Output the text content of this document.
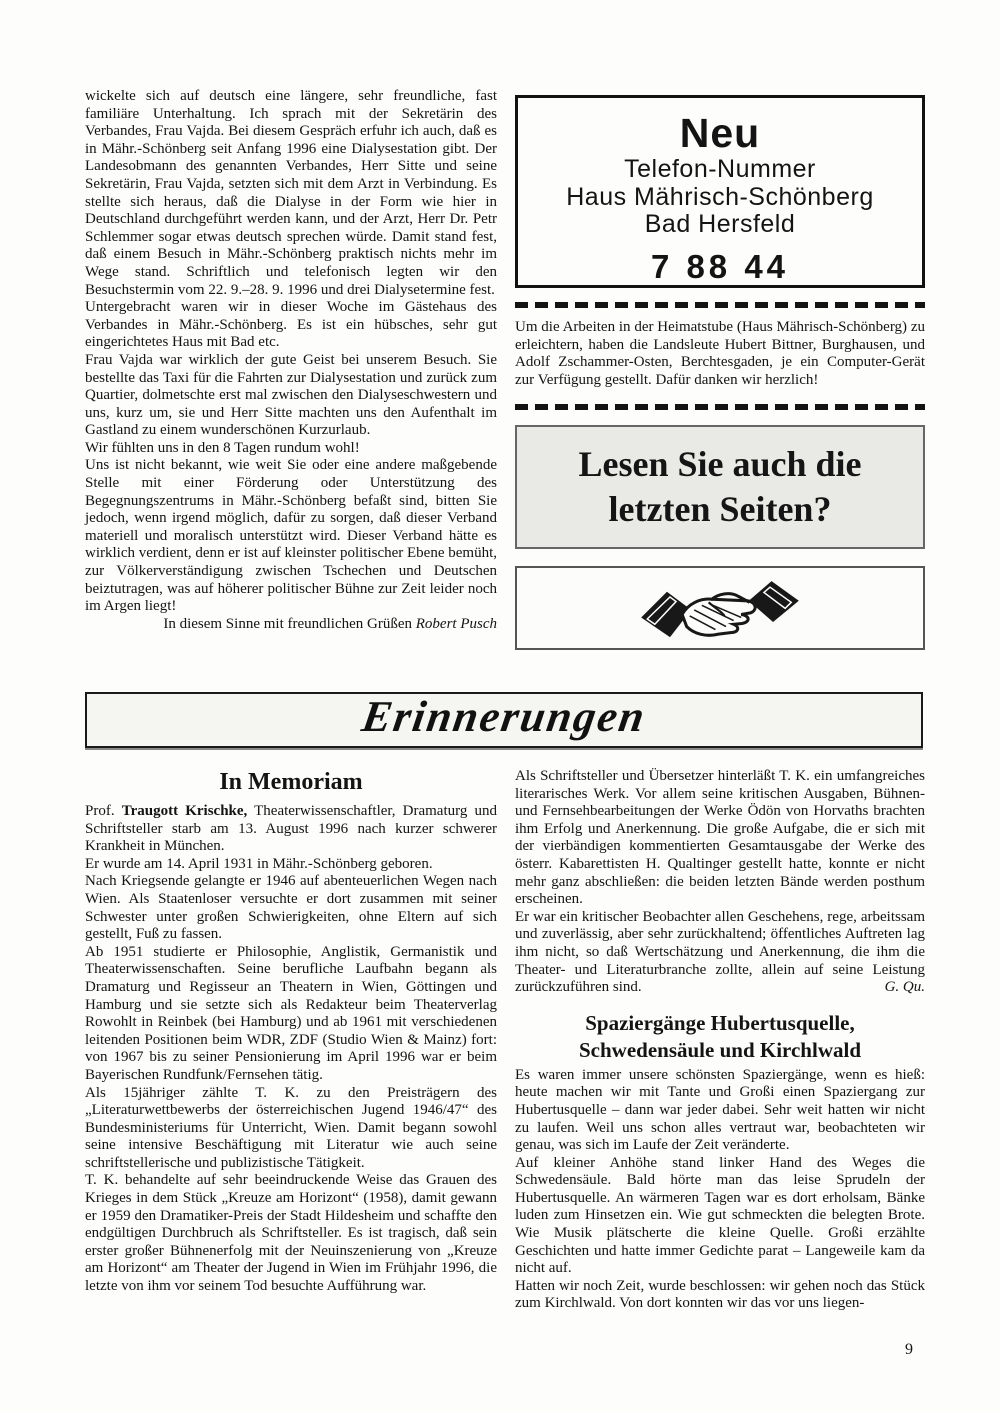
wickelte sich auf deutsch eine längere, sehr freundliche, fast familiäre Unterhaltung. Ich sprach mit der Sekretärin des Verbandes, Frau Vajda. Bei diesem Gespräch erfuhr ich auch, daß es in Mähr.-Schönberg seit Anfang 1996 eine Dialysestation gibt. Der Landesobmann des genannten Verbandes, Herr Sitte und seine Sekretärin, Frau Vajda, setzten sich mit dem Arzt in Verbindung. Es stellte sich heraus, daß die Dialyse in der Form wie hier in Deutschland durchgeführt werden kann, und der Arzt, Herr Dr. Petr Schlemmer sogar etwas deutsch sprechen würde. Damit stand fest, daß einem Besuch in Mähr.-Schönberg praktisch nichts mehr im Wege stand. Schriftlich und telefonisch legten wir den Besuchstermin vom 22. 9.–28. 9. 1996 und drei Dialysetermine fest.

Untergebracht waren wir in dieser Woche im Gästehaus des Verbandes in Mähr.-Schönberg. Es ist ein hübsches, sehr gut eingerichtetes Haus mit Bad etc.

Frau Vajda war wirklich der gute Geist bei unserem Besuch. Sie bestellte das Taxi für die Fahrten zur Dialysestation und zurück zum Quartier, dolmetschte erst mal zwischen den Dialyseschwestern und uns, kurz um, sie und Herr Sitte machten uns den Aufenthalt im Gastland zu einem wunderschönen Kurzurlaub.

Wir fühlten uns in den 8 Tagen rundum wohl!

Uns ist nicht bekannt, wie weit Sie oder eine andere maßgebende Stelle mit einer Förderung oder Unterstützung des Begegnungszentrums in Mähr.-Schönberg befaßt sind, bitten Sie jedoch, wenn irgend möglich, dafür zu sorgen, daß dieser Verband materiell und moralisch unterstützt wird. Dieser Verband hätte es wirklich verdient, denn er ist auf kleinster politischer Ebene bemüht, zur Völkerverständigung zwischen Tschechen und Deutschen beiztutragen, was auf höherer politischer Bühne zur Zeit leider noch im Argen liegt!

In diesem Sinne mit freundlichen Grüßen Robert Pusch

Neu
Telefon-Nummer
Haus Mährisch-Schönberg
Bad Hersfeld
7 88 44

Um die Arbeiten in der Heimatstube (Haus Mährisch-Schönberg) zu erleichtern, haben die Landsleute Hubert Bittner, Burghausen, und Adolf Zschammer-Osten, Berchtesgaden, je ein Computer-Gerät zur Verfügung gestellt. Dafür danken wir herzlich!

Lesen Sie auch die
letzten Seiten?
Erinnerungen
In Memoriam

Prof. Traugott Krischke, Theaterwissenschaftler, Dramaturg und Schriftsteller starb am 13. August 1996 nach kurzer schwerer Krankheit in München.

Er wurde am 14. April 1931 in Mähr.-Schönberg geboren.

Nach Kriegsende gelangte er 1946 auf abenteuerlichen Wegen nach Wien. Als Staatenloser versuchte er dort zusammen mit seiner Schwester unter großen Schwierigkeiten, ohne Eltern auf sich gestellt, Fuß zu fassen.

Ab 1951 studierte er Philosophie, Anglistik, Germanistik und Theaterwissenschaften. Seine berufliche Laufbahn begann als Dramaturg und Regisseur an Theatern in Wien, Göttingen und Hamburg und sie setzte sich als Redakteur beim Theaterverlag Rowohlt in Reinbek (bei Hamburg) und ab 1961 mit verschiedenen leitenden Positionen beim WDR, ZDF (Studio Wien & Mainz) fort: von 1967 bis zu seiner Pensionierung im April 1996 war er beim Bayerischen Rundfunk/Fernsehen tätig.

Als 15jähriger zählte T. K. zu den Preisträgern des „Literaturwettbewerbs der österreichischen Jugend 1946/47“ des Bundesministeriums für Unterricht, Wien. Damit begann sowohl seine intensive Beschäftigung mit Literatur wie auch seine schriftstellerische und publizistische Tätigkeit.

T. K. behandelte auf sehr beeindruckende Weise das Grauen des Krieges in dem Stück „Kreuze am Horizont“ (1958), damit gewann er 1959 den Dramatiker-Preis der Stadt Hildesheim und schaffte den endgültigen Durchbruch als Schriftsteller. Es ist tragisch, daß sein erster großer Bühnenerfolg mit der Neuinszenierung von „Kreuze am Horizont“ am Theater der Jugend in Wien im Frühjahr 1996, die letzte von ihm vor seinem Tod besuchte Aufführung war.

Als Schriftsteller und Übersetzer hinterläßt T. K. ein umfangreiches literarisches Werk. Vor allem seine kritischen Ausgaben, Bühnen- und Fernsehbearbeitungen der Werke Ödön von Horvaths brachten ihm Erfolg und Anerkennung. Die große Aufgabe, die er sich mit der vierbändigen kommentierten Gesamtausgabe der Werke des österr. Kabarettisten H. Qualtinger gestellt hatte, konnte er nicht mehr ganz abschließen: die beiden letzten Bände werden posthum erscheinen.

Er war ein kritischer Beobachter allen Geschehens, rege, arbeitssam und zuverlässig, aber sehr zurückhaltend; öffentliches Auftreten lag ihm nicht, so daß Wertschätzung und Anerkennung, die ihm die Theater- und Literaturbranche zollte, allein auf seine Leistung zurückzuführen sind.	G. Qu.

Spaziergänge Hubertusquelle,
Schwedensäule und Kirchlwald

Es waren immer unsere schönsten Spaziergänge, wenn es hieß: heute machen wir mit Tante und Großi einen Spaziergang zur Hubertusquelle – dann war jeder dabei. Sehr weit hatten wir nicht zu laufen. Weil uns schon alles vertraut war, beobachteten wir genau, was sich im Laufe der Zeit veränderte.

Auf kleiner Anhöhe stand linker Hand des Weges die Schwedensäule. Bald hörte man das leise Sprudeln der Hubertusquelle. An wärmeren Tagen war es dort erholsam, Bänke luden zum Hinsetzen ein. Wie gut schmeckten die belegten Brote. Wie Musik plätscherte die kleine Quelle. Großi erzählte Geschichten und hatte immer Gedichte parat – Langeweile kam da nicht auf.

Hatten wir noch Zeit, wurde beschlossen: wir gehen noch das Stück zum Kirchlwald. Von dort konnten wir das vor uns liegen-

9
